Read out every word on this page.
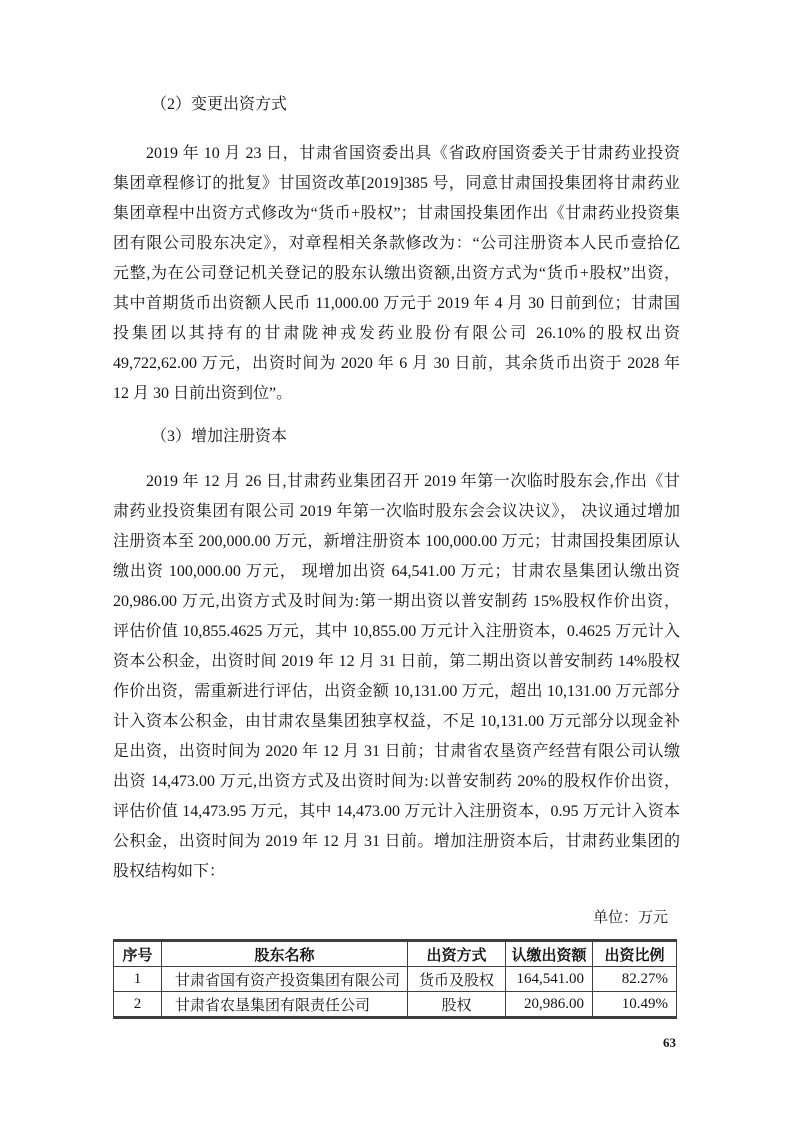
（2）变更出资方式
2019 年 10 月 23 日，甘肃省国资委出具《省政府国资委关于甘肃药业投资
集团章程修订的批复》甘国资改革[2019]385 号，同意甘肃国投集团将甘肃药业
集团章程中出资方式修改为“货币+股权”；甘肃国投集团作出《甘肃药业投资集
团有限公司股东决定》，对章程相关条款修改为：“公司注册资本人民币壹拾亿
元整,为在公司登记机关登记的股东认缴出资额,出资方式为“货币+股权”出资，
其中首期货币出资额人民币 11,000.00 万元于 2019 年 4 月 30 日前到位；甘肃国
投集团以其持有的甘肃陇神戎发药业股份有限公司 26.10%的股权出资
49,722,62.00 万元，出资时间为 2020 年 6 月 30 日前，其余货币出资于 2028 年
12 月 30 日前出资到位”。
（3）增加注册资本
2019 年 12 月 26 日,甘肃药业集团召开 2019 年第一次临时股东会,作出《甘
肃药业投资集团有限公司 2019 年第一次临时股东会会议决议》， 决议通过增加
注册资本至 200,000.00 万元，新增注册资本 100,000.00 万元；甘肃国投集团原认
缴出资 100,000.00 万元， 现增加出资 64,541.00 万元；甘肃农垦集团认缴出资
20,986.00 万元,出资方式及时间为:第一期出资以普安制药 15%股权作价出资，
评估价值 10,855.4625 万元，其中 10,855.00 万元计入注册资本，0.4625 万元计入
资本公积金，出资时间 2019 年 12 月 31 日前，第二期出资以普安制药 14%股权
作价出资，需重新进行评估，出资金额 10,131.00 万元，超出 10,131.00 万元部分
计入资本公积金，由甘肃农垦集团独享权益，不足 10,131.00 万元部分以现金补
足出资，出资时间为 2020 年 12 月 31 日前；甘肃省农垦资产经营有限公司认缴
出资 14,473.00 万元,出资方式及出资时间为:以普安制药 20%的股权作价出资，
评估价值 14,473.95 万元，其中 14,473.00 万元计入注册资本，0.95 万元计入资本
公积金，出资时间为 2019 年 12 月 31 日前。增加注册资本后，甘肃药业集团的
股权结构如下：
单位：万元
序号	股东名称	出资方式	认缴出资额	出资比例
1	甘肃省国有资产投资集团有限公司	货币及股权	164,541.00	82.27%
2	甘肃省农垦集团有限责任公司	股权	20,986.00	10.49%
63
